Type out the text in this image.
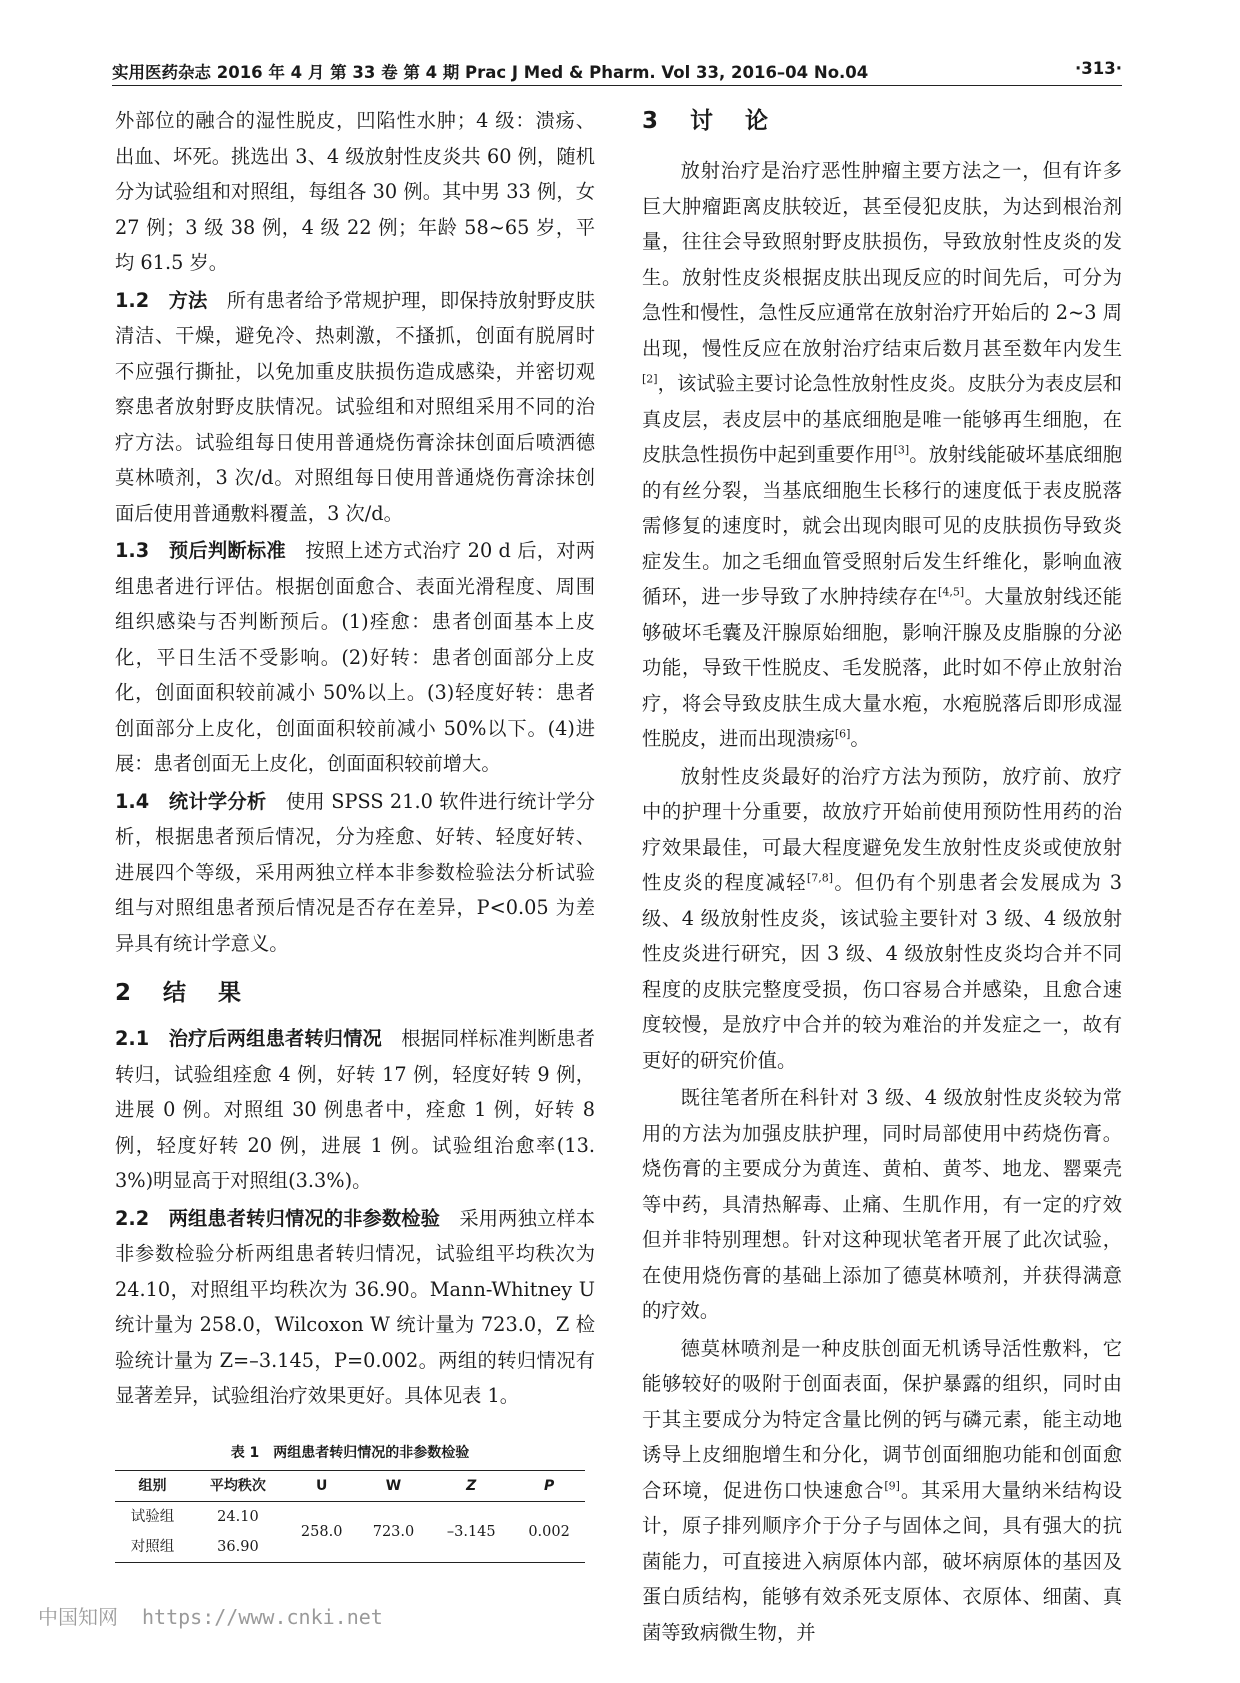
实用医药杂志 2016 年 4 月 第 33 卷 第 4 期 Prac J Med & Pharm. Vol 33, 2016–04 No.04	·313·

外部位的融合的湿性脱皮，凹陷性水肿；4 级：溃疡、出血、坏死。挑选出 3、4 级放射性皮炎共 60 例，随机分为试验组和对照组，每组各 30 例。其中男 33 例，女 27 例；3 级 38 例，4 级 22 例；年龄 58~65 岁，平均 61.5 岁。

1.2　方法　所有患者给予常规护理，即保持放射野皮肤清洁、干燥，避免冷、热刺激，不搔抓，创面有脱屑时不应强行撕扯，以免加重皮肤损伤造成感染，并密切观察患者放射野皮肤情况。试验组和对照组采用不同的治疗方法。试验组每日使用普通烧伤膏涂抹创面后喷洒德莫林喷剂，3 次/d。对照组每日使用普通烧伤膏涂抹创面后使用普通敷料覆盖，3 次/d。

1.3　预后判断标准　按照上述方式治疗 20 d 后，对两组患者进行评估。根据创面愈合、表面光滑程度、周围组织感染与否判断预后。(1)痊愈：患者创面基本上皮化，平日生活不受影响。(2)好转：患者创面部分上皮化，创面面积较前减小 50%以上。(3)轻度好转：患者创面部分上皮化，创面面积较前减小 50%以下。(4)进展：患者创面无上皮化，创面面积较前增大。

1.4　统计学分析　使用 SPSS 21.0 软件进行统计学分析，根据患者预后情况，分为痊愈、好转、轻度好转、进展四个等级，采用两独立样本非参数检验法分析试验组与对照组患者预后情况是否存在差异，P<0.05 为差异具有统计学意义。

2 结 果

2.1　治疗后两组患者转归情况　根据同样标准判断患者转归，试验组痊愈 4 例，好转 17 例，轻度好转 9 例，进展 0 例。对照组 30 例患者中，痊愈 1 例，好转 8 例，轻度好转 20 例，进展 1 例。试验组治愈率(13.3%)明显高于对照组(3.3%)。

2.2　两组患者转归情况的非参数检验　采用两独立样本非参数检验分析两组患者转归情况，试验组平均秩次为 24.10，对照组平均秩次为 36.90。Mann-Whitney U 统计量为 258.0，Wilcoxon W 统计量为 723.0，Z 检验统计量为 Z=–3.145，P=0.002。两组的转归情况有显著差异，试验组治疗效果更好。具体见表 1。

表 1　两组患者转归情况的非参数检验
组别	平均秩次	U	W	Z	P
试验组	24.10	258.0	723.0	–3.145	0.002
对照组	36.90				
3 讨 论

放射治疗是治疗恶性肿瘤主要方法之一，但有许多巨大肿瘤距离皮肤较近，甚至侵犯皮肤，为达到根治剂量，往往会导致照射野皮肤损伤，导致放射性皮炎的发生。放射性皮炎根据皮肤出现反应的时间先后，可分为急性和慢性，急性反应通常在放射治疗开始后的 2~3 周出现，慢性反应在放射治疗结束后数月甚至数年内发生[2]，该试验主要讨论急性放射性皮炎。皮肤分为表皮层和真皮层，表皮层中的基底细胞是唯一能够再生细胞，在皮肤急性损伤中起到重要作用[3]。放射线能破坏基底细胞的有丝分裂，当基底细胞生长移行的速度低于表皮脱落需修复的速度时，就会出现肉眼可见的皮肤损伤导致炎症发生。加之毛细血管受照射后发生纤维化，影响血液循环，进一步导致了水肿持续存在[4,5]。大量放射线还能够破坏毛囊及汗腺原始细胞，影响汗腺及皮脂腺的分泌功能，导致干性脱皮、毛发脱落，此时如不停止放射治疗，将会导致皮肤生成大量水疱，水疱脱落后即形成湿性脱皮，进而出现溃疡[6]。

放射性皮炎最好的治疗方法为预防，放疗前、放疗中的护理十分重要，故放疗开始前使用预防性用药的治疗效果最佳，可最大程度避免发生放射性皮炎或使放射性皮炎的程度减轻[7,8]。但仍有个别患者会发展成为 3 级、4 级放射性皮炎，该试验主要针对 3 级、4 级放射性皮炎进行研究，因 3 级、4 级放射性皮炎均合并不同程度的皮肤完整度受损，伤口容易合并感染，且愈合速度较慢，是放疗中合并的较为难治的并发症之一，故有更好的研究价值。

既往笔者所在科针对 3 级、4 级放射性皮炎较为常用的方法为加强皮肤护理，同时局部使用中药烧伤膏。烧伤膏的主要成分为黄连、黄柏、黄芩、地龙、罂粟壳等中药，具清热解毒、止痛、生肌作用，有一定的疗效但并非特别理想。针对这种现状笔者开展了此次试验，在使用烧伤膏的基础上添加了德莫林喷剂，并获得满意的疗效。

德莫林喷剂是一种皮肤创面无机诱导活性敷料，它能够较好的吸附于创面表面，保护暴露的组织，同时由于其主要成分为特定含量比例的钙与磷元素，能主动地诱导上皮细胞增生和分化，调节创面细胞功能和创面愈合环境，促进伤口快速愈合[9]。其采用大量纳米结构设计，原子排列顺序介于分子与固体之间，具有强大的抗菌能力，可直接进入病原体内部，破坏病原体的基因及蛋白质结构，能够有效杀死支原体、衣原体、细菌、真菌等致病微生物，并

中国知网 https://www.cnki.net
